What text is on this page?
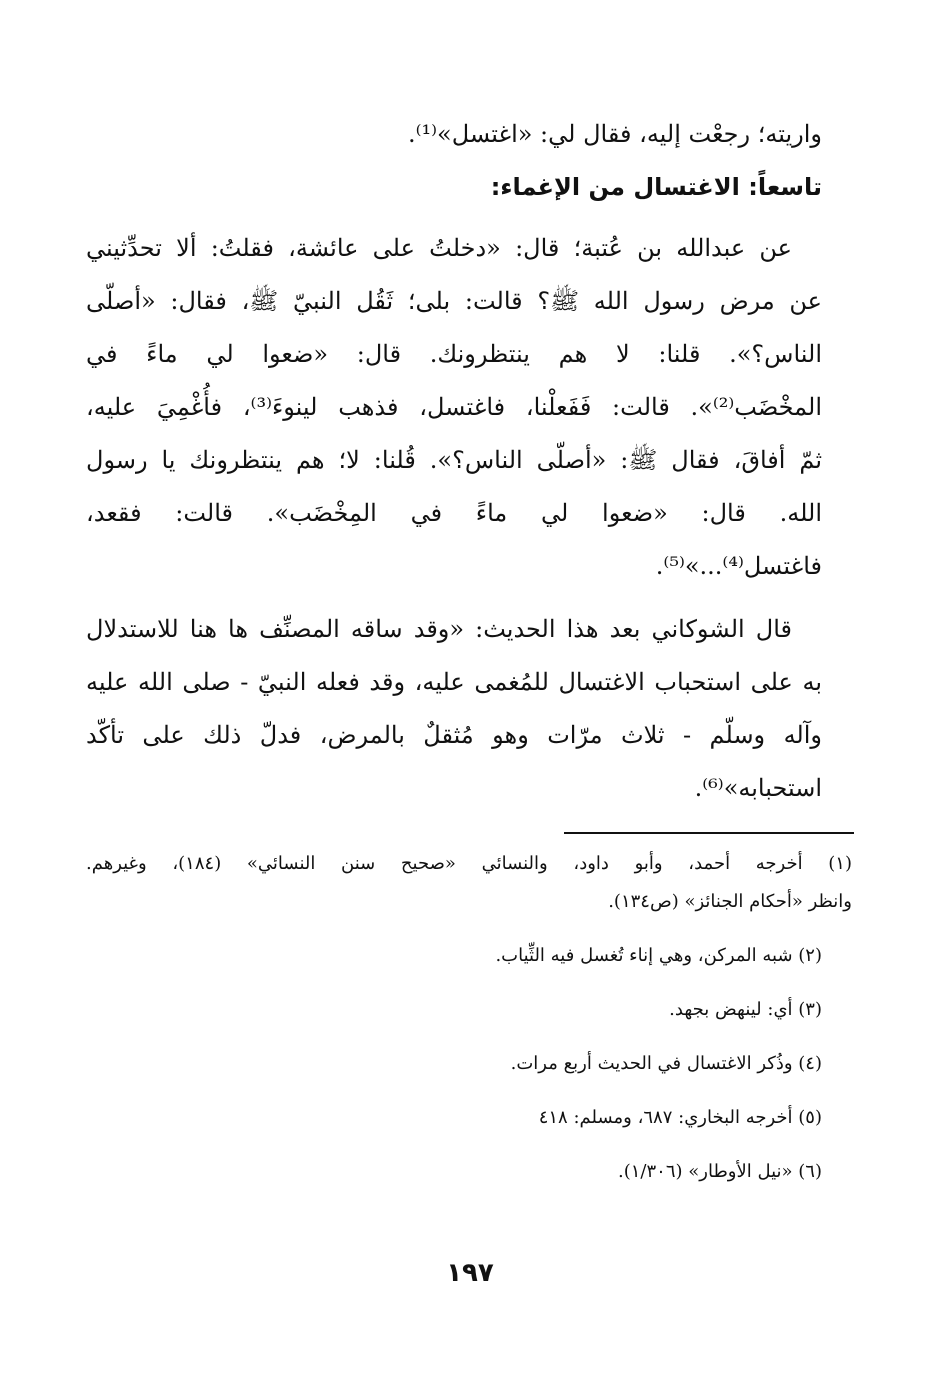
واريته؛ رجعْت إليه، فقال لي: «اغتسل»⁽¹⁾.
تاسعاً: الاغتسال من الإغماء:
عن عبدالله بن عُتبة؛ قال: «دخلتُ على عائشة، فقلتُ: ألا تحدِّثيني
عن مرض رسول الله ﷺ؟ قالت: بلى؛ ثَقُل النبيّ ﷺ، فقال: «أصلّى
الناس؟». قلنا: لا هم ينتظرونك. قال: «ضعوا لي ماءً في
المخْضَب⁽²⁾». قالت: فَفَعلْنا، فاغتسل، فذهب لينوءَ⁽³⁾، فأُغْمِيَ عليه،
ثمّ أفاقَ، فقال ﷺ: «أصلّى الناس؟». قُلنا: لا؛ هم ينتظرونك يا رسول
الله. قال: «ضعوا لي ماءً في المِخْضَب». قالت: فقعد،
فاغتسل⁽⁴⁾...»⁽⁵⁾.
قال الشوكاني بعد هذا الحديث: «وقد ساقه المصنِّف ها هنا للاستدلال
به على استحباب الاغتسال للمُغمى عليه، وقد فعله النبيّ - صلى الله عليه
وآله وسلّم - ثلاث مرّات وهو مُثقلٌ بالمرض، فدلّ ذلك على تأكّد
استحبابه»⁽⁶⁾.
(١) أخرجه أحمد، وأبو داود، والنسائي «صحيح سنن النسائي» (١٨٤)، وغيرهم.
وانظر «أحكام الجنائز» (ص١٣٤).
(٢) شبه المركن، وهي إناء تُغسل فيه الثِّياب.
(٣) أي: لينهض بجهد.
(٤) وذُكر الاغتسال في الحديث أربع مرات.
(٥) أخرجه البخاري: ٦٨٧، ومسلم: ٤١٨
(٦) «نيل الأوطار» (١/٣٠٦).
١٩٧
